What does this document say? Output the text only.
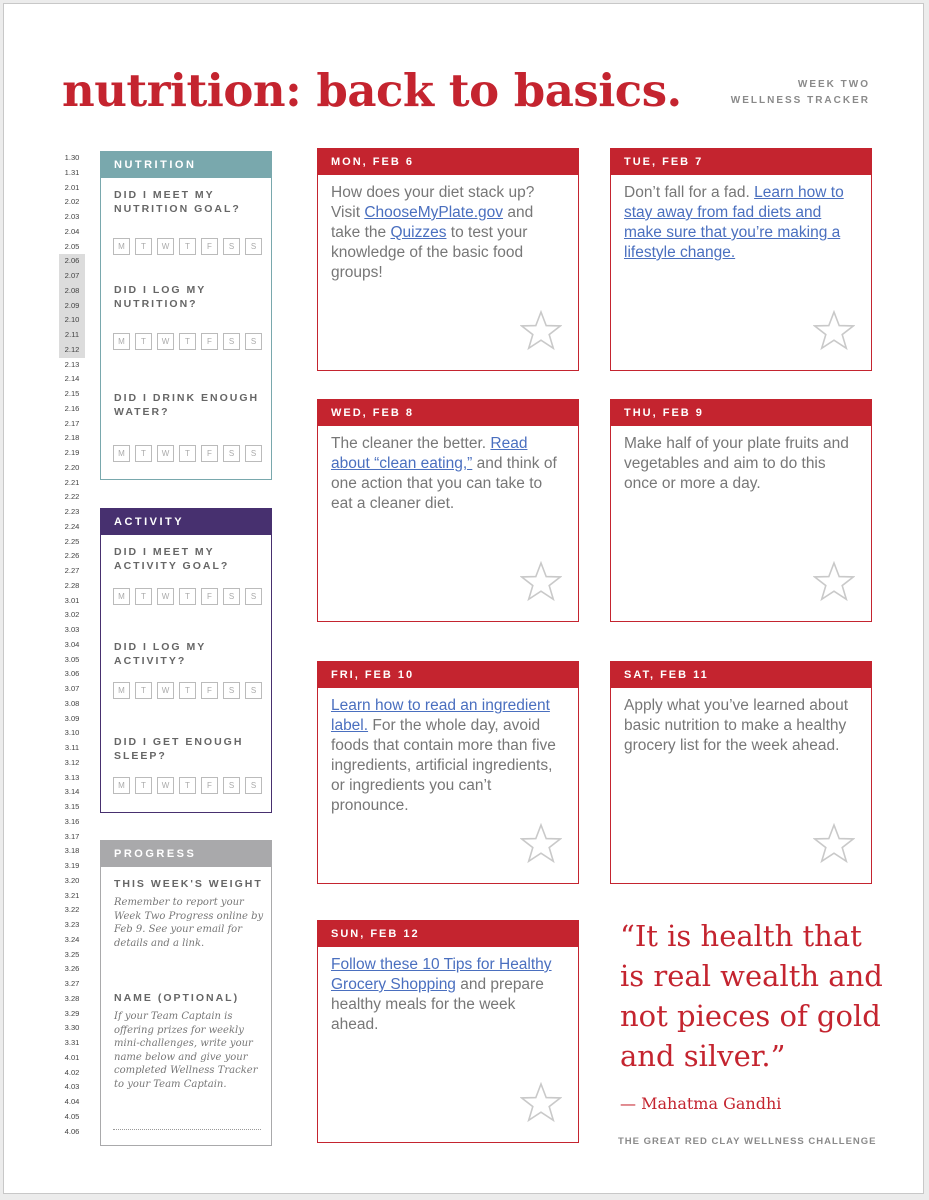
nutrition: back to basics.	WEEK TWO
WELLNESS TRACKER
1.30
1.31
2.01
2.02
2.03
2.04
2.05
2.06
2.07
2.08
2.09
2.10
2.11
2.12
2.13
2.14
2.15
2.16
2.17
2.18
2.19
2.20
2.21
2.22
2.23
2.24
2.25
2.26
2.27
2.28
3.01
3.02
3.03
3.04
3.05
3.06
3.07
3.08
3.09
3.10
3.11
3.12
3.13
3.14
3.15
3.16
3.17
3.18
3.19
3.20
3.21
3.22
3.23
3.24
3.25
3.26
3.27
3.28
3.29
3.30
3.31
4.01
4.02
4.03
4.04
4.05
4.06
NUTRITION
DID I MEET MY NUTRITION GOAL?
M	T	W	T	F	S	S
DID I LOG MY NUTRITION?
M	T	W	T	F	S	S
DID I DRINK ENOUGH WATER?
M	T	W	T	F	S	S
ACTIVITY
DID I MEET MY ACTIVITY GOAL?
M	T	W	T	F	S	S
DID I LOG MY ACTIVITY?
M	T	W	T	F	S	S
DID I GET ENOUGH SLEEP?
M	T	W	T	F	S	S
PROGRESS
THIS WEEK'S WEIGHT
Remember to report your Week Two Progress online by Feb 9. See your email for details and a link.
NAME (OPTIONAL)
If your Team Captain is offering prizes for weekly mini-challenges, write your name below and give your completed Wellness Tracker to your Team Captain.
MON, FEB 6
How does your diet stack up? Visit ChooseMyPlate.gov and take the Quizzes to test your knowledge of the basic food groups!
TUE, FEB 7
Don’t fall for a fad. Learn how to stay away from fad diets and make sure that you’re making a lifestyle change.
WED, FEB 8
The cleaner the better. Read about “clean eating,” and think of one action that you can take to eat a cleaner diet.
THU, FEB 9
Make half of your plate fruits and vegetables and aim to do this once or more a day.
FRI, FEB 10
Learn how to read an ingredient label. For the whole day, avoid foods that contain more than five ingredients, artificial ingredients, or ingredients you can’t pronounce.
SAT, FEB 11
Apply what you’ve learned about basic nutrition to make a healthy grocery list for the week ahead.
SUN, FEB 12
Follow these 10 Tips for Healthy Grocery Shopping and prepare healthy meals for the week ahead.
“It is health that is real wealth and not pieces of gold and silver.”
— Mahatma Gandhi
THE GREAT RED CLAY WELLNESS CHALLENGE
